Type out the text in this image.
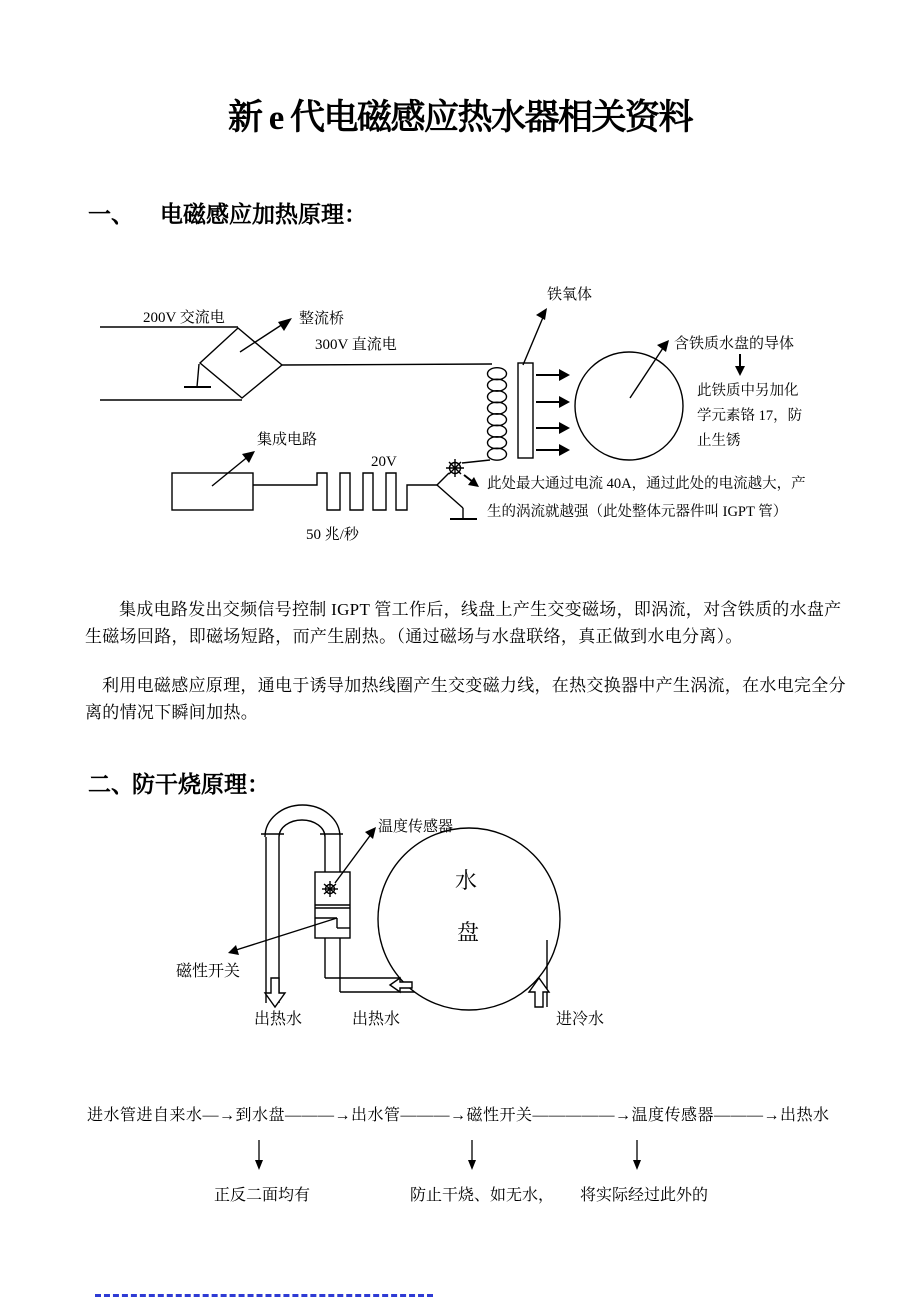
新 e 代电磁感应热水器相关资料
一、 电磁感应加热原理：
200V 交流电	整流桥
300V 直流电
铁氧体
含铁质水盘的导体
此铁质中另加化
学元素铬 17，防
止生锈
集成电路
20V
50 兆/秒
此处最大通过电流 40A，通过此处的电流越大，产
生的涡流就越强（此处整体元器件叫 IGPT 管）
集成电路发出交频信号控制 IGPT 管工作后，线盘上产生交变磁场，即涡流，对含铁质的水盘产生磁场回路，即磁场短路，而产生剧热。（通过磁场与水盘联络，真正做到水电分离）。
利用电磁感应原理，通电于诱导加热线圈产生交变磁力线，在热交换器中产生涡流，在水电完全分离的情况下瞬间加热。
二、
防干烧原理：
温度传感器
磁性开关
水
盘
出热水	出热水	进冷水
进水管进自来水—→到水盘———→出水管———→磁性开关—————→温度传感器———→出热水
正反二面均有	防止干烧、如无水， 将实际经过此外的
